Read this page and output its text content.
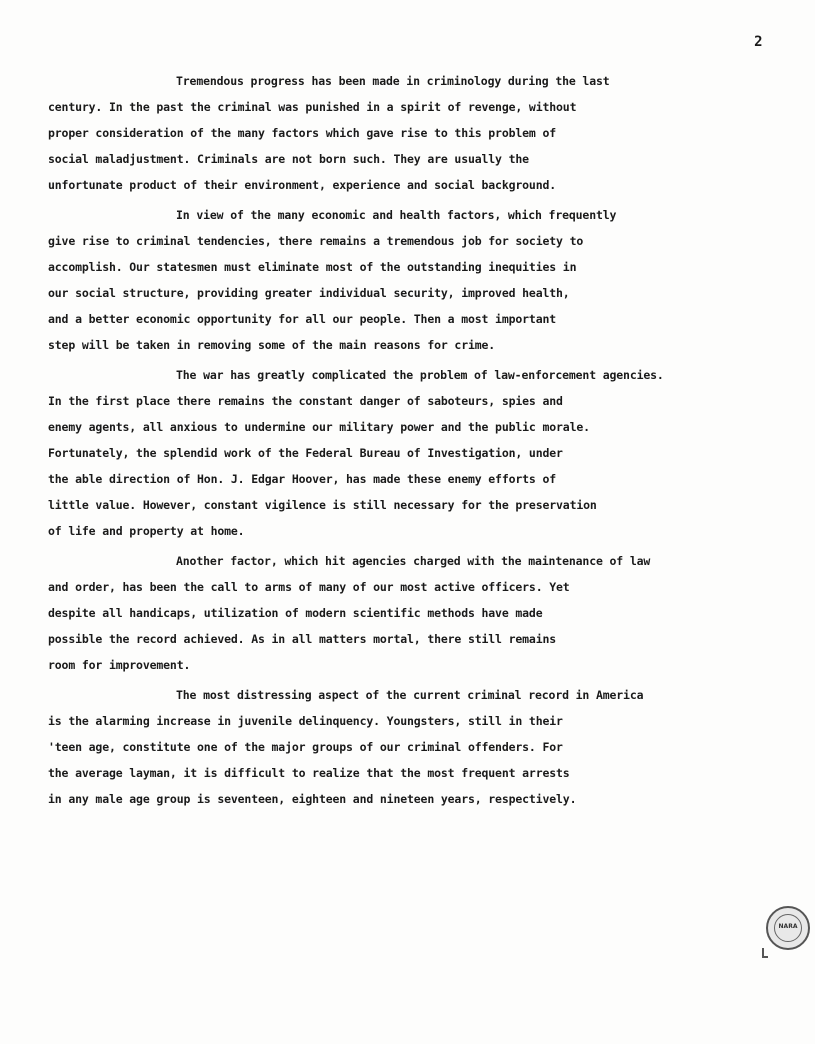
2
Tremendous progress has been made in criminology during the last
century. In the past the criminal was punished in a spirit of revenge, without
proper consideration of the many factors which gave rise to this problem of
social maladjustment. Criminals are not born such. They are usually the
unfortunate product of their environment, experience and social background.
In view of the many economic and health factors, which frequently
give rise to criminal tendencies, there remains a tremendous job for society to
accomplish. Our statesmen must eliminate most of the outstanding inequities in
our social structure, providing greater individual security, improved health,
and a better economic opportunity for all our people. Then a most important
step will be taken in removing some of the main reasons for crime.
The war has greatly complicated the problem of law-enforcement agencies.
In the first place there remains the constant danger of saboteurs, spies and
enemy agents, all anxious to undermine our military power and the public morale.
Fortunately, the splendid work of the Federal Bureau of Investigation, under
the able direction of Hon. J. Edgar Hoover, has made these enemy efforts of
little value. However, constant vigilence is still necessary for the preservation
of life and property at home.
Another factor, which hit agencies charged with the maintenance of law
and order, has been the call to arms of many of our most active officers. Yet
despite all handicaps, utilization of modern scientific methods have made
possible the record achieved. As in all matters mortal, there still remains
room for improvement.
The most distressing aspect of the current criminal record in America
is the alarming increase in juvenile delinquency. Youngsters, still in their
'teen age, constitute one of the major groups of our criminal offenders. For
the average layman, it is difficult to realize that the most frequent arrests
in any male age group is seventeen, eighteen and nineteen years, respectively.
NARA
